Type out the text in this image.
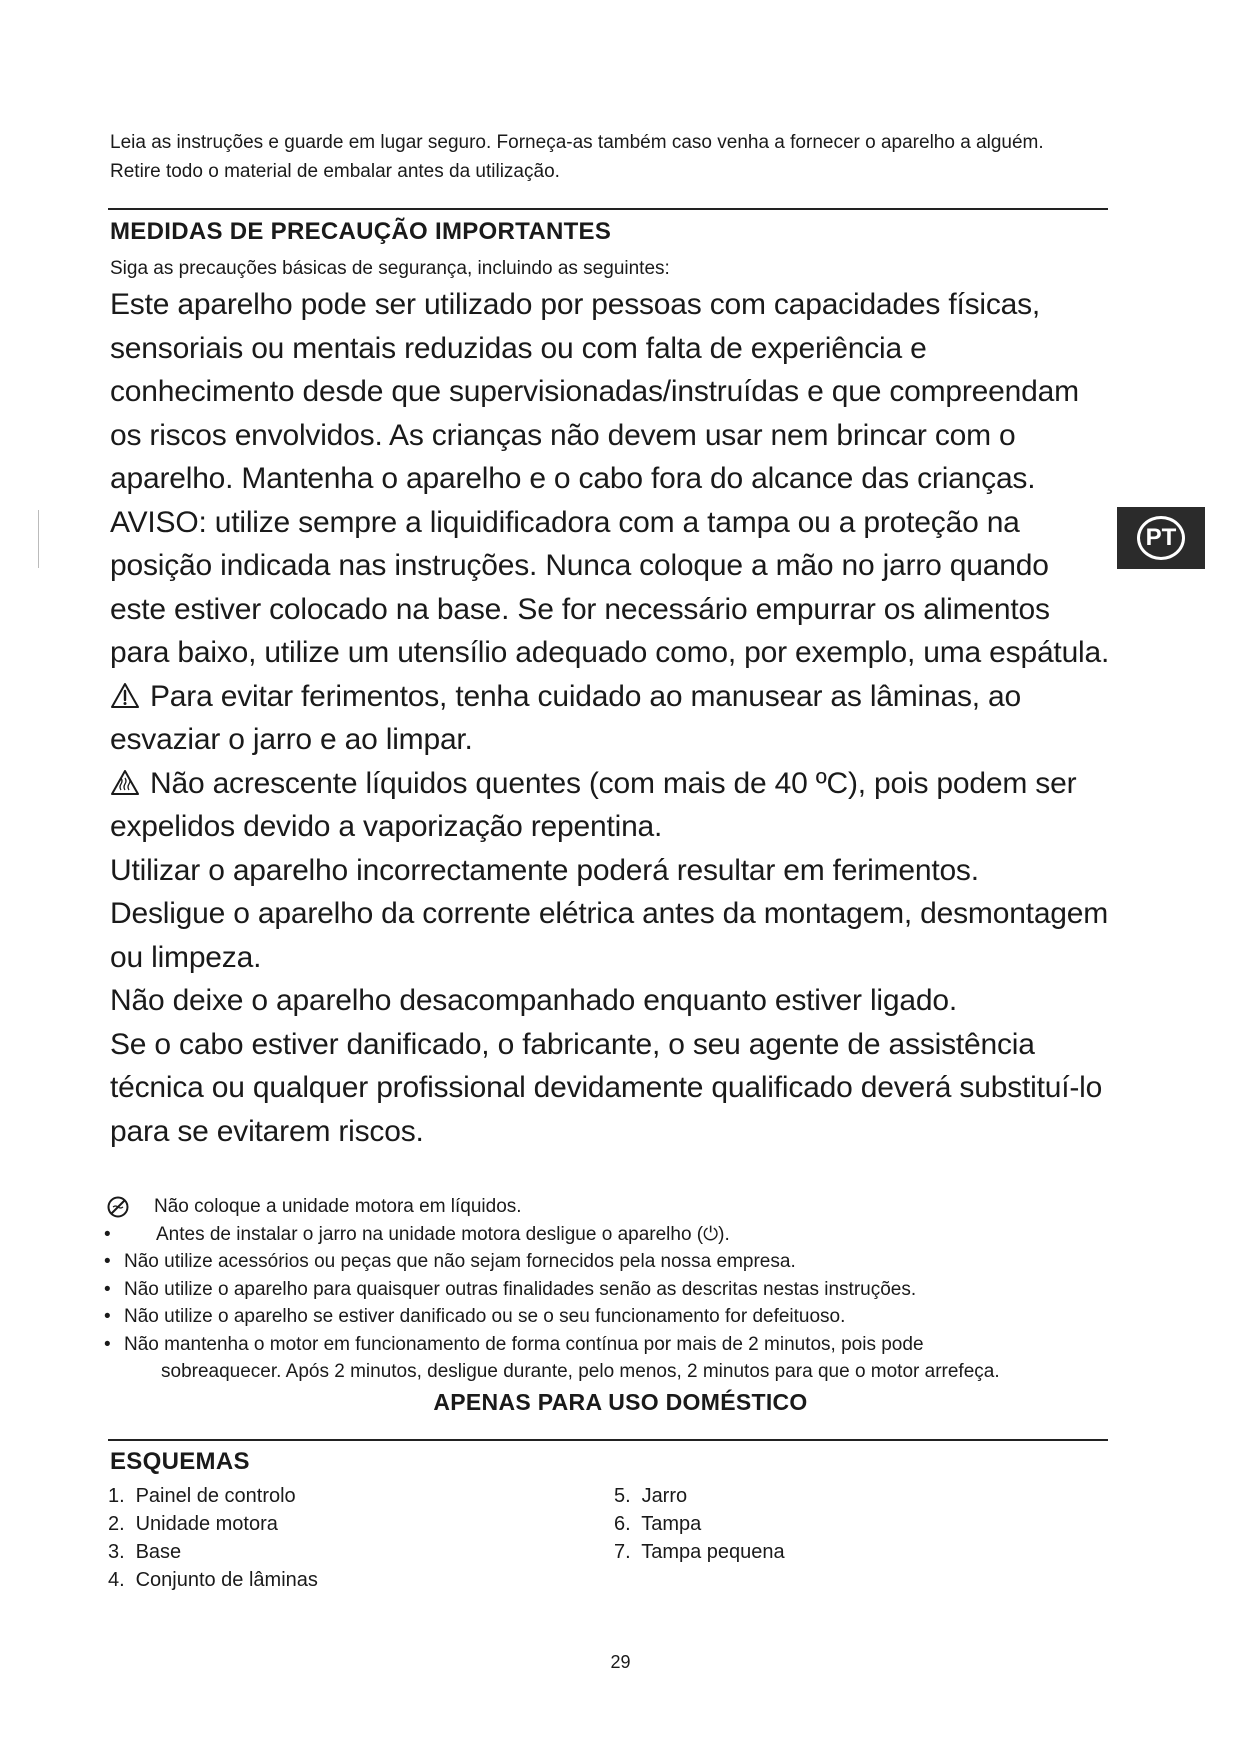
Leia as instruções e guarde em lugar seguro. Forneça-as também caso venha a fornecer o aparelho a alguém. Retire todo o material de embalar antes da utilização.
MEDIDAS DE PRECAUÇÃO IMPORTANTES
Siga as precauções básicas de segurança, incluindo as seguintes:

Este aparelho pode ser utilizado por pessoas com capacidades físicas, sensoriais ou mentais reduzidas ou com falta de experiência e conhecimento desde que supervisionadas/instruídas e que compreendam os riscos envolvidos. As crianças não devem usar nem brincar com o aparelho. Mantenha o aparelho e o cabo fora do alcance das crianças.

AVISO: utilize sempre a liquidificadora com a tampa ou a proteção na posição indicada nas instruções. Nunca coloque a mão no jarro quando este estiver colocado na base. Se for necessário empurrar os alimentos para baixo, utilize um utensílio adequado como, por exemplo, uma espátula.

Para evitar ferimentos, tenha cuidado ao manusear as lâminas, ao esvaziar o jarro e ao limpar.

Não acrescente líquidos quentes (com mais de 40 ºC), pois podem ser expelidos devido a vaporização repentina.

Utilizar o aparelho incorrectamente poderá resultar em ferimentos.

Desligue o aparelho da corrente elétrica antes da montagem, desmontagem ou limpeza.

Não deixe o aparelho desacompanhado enquanto estiver ligado.

Se o cabo estiver danificado, o fabricante, o seu agente de assistência técnica ou qualquer profissional devidamente qualificado deverá substituí-lo para se evitarem riscos.

Não coloque a unidade motora em líquidos.
•	Antes de instalar o jarro na unidade motora desligue o aparelho (⏻).
• Não utilize acessórios ou peças que não sejam fornecidos pela nossa empresa.
• Não utilize o aparelho para quaisquer outras finalidades senão as descritas nestas instruções.
• Não utilize o aparelho se estiver danificado ou se o seu funcionamento for defeituoso.
• Não mantenha o motor em funcionamento de forma contínua por mais de 2 minutos, pois pode
sobreaquecer. Após 2 minutos, desligue durante, pelo menos, 2 minutos para que o motor arrefeça.
APENAS PARA USO DOMÉSTICO
ESQUEMAS
1. Painel de controlo
2. Unidade motora
3. Base
4. Conjunto de lâminas
5. Jarro
6. Tampa
7. Tampa pequena
PT
29
